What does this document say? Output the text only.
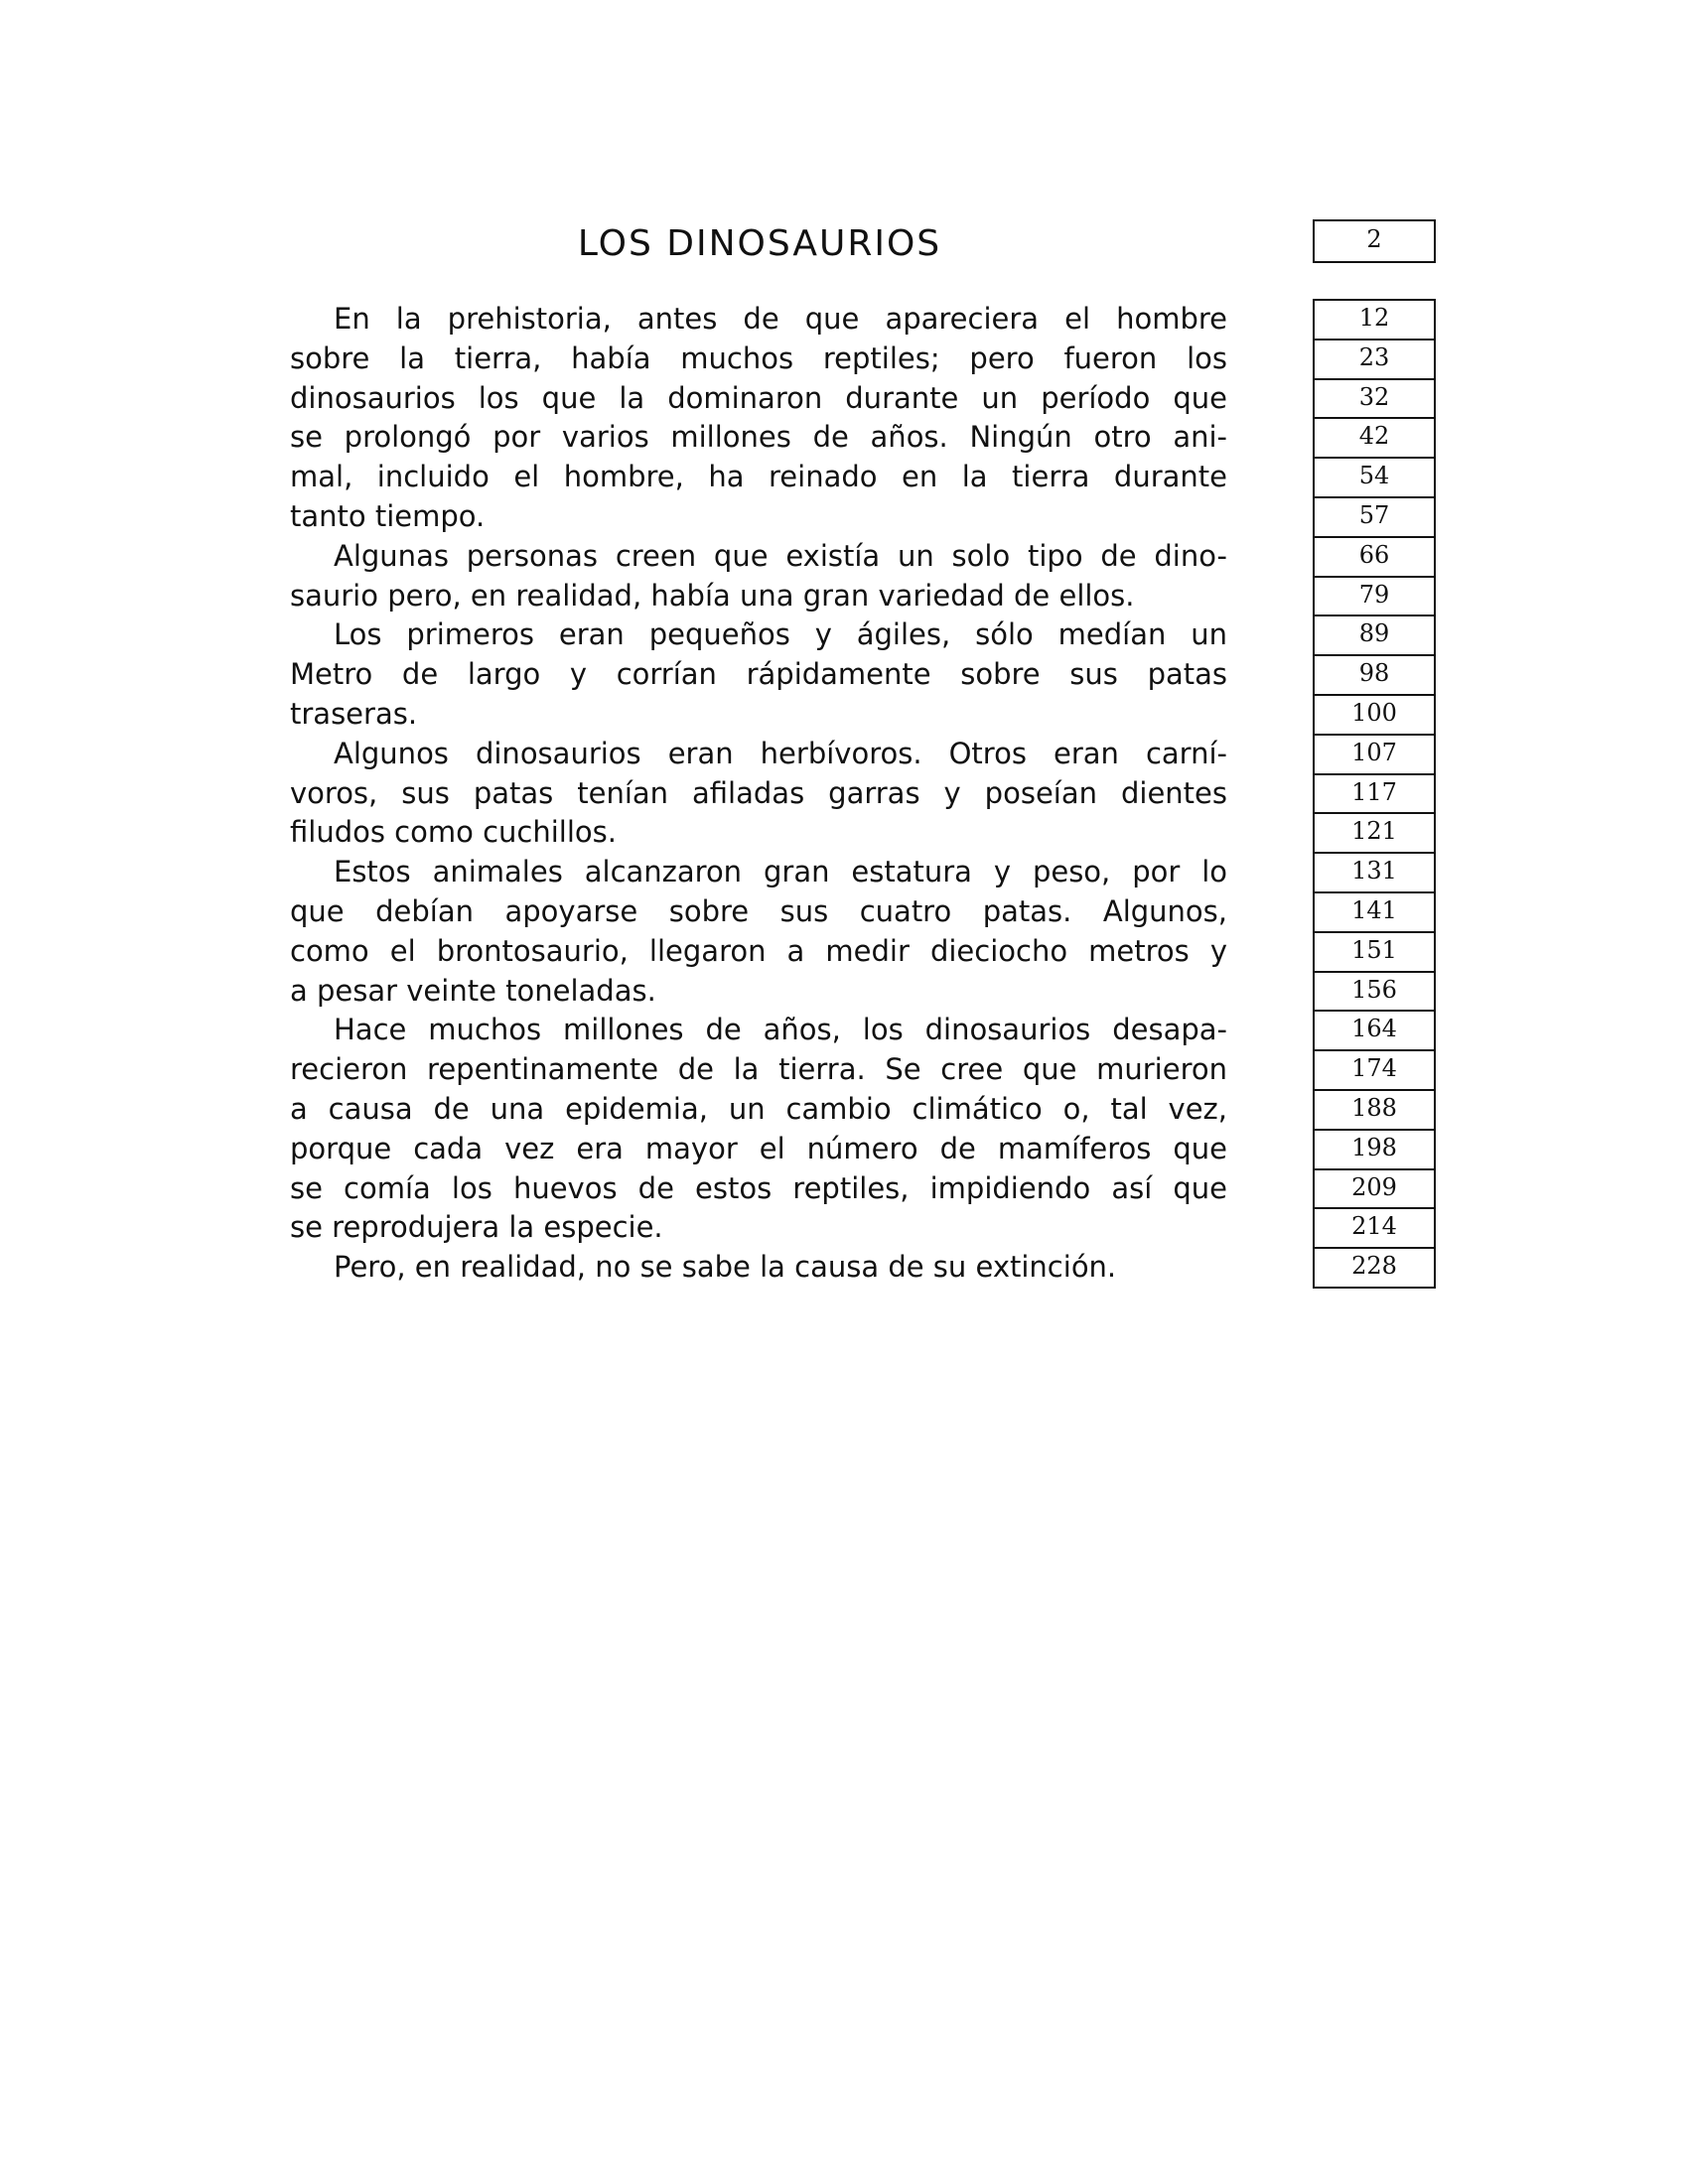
LOS DINOSAURIOS	2
En la prehistoria, antes de que apareciera el hombre
sobre la tierra, había muchos reptiles; pero fueron los
dinosaurios los que la dominaron durante un período que
se prolongó por varios millones de años. Ningún otro ani-
mal, incluido el hombre, ha reinado en la tierra durante
tanto tiempo.
Algunas personas creen que existía un solo tipo de dino-
saurio pero, en realidad, había una gran variedad de ellos.
Los primeros eran pequeños y ágiles, sólo medían un
Metro de largo y corrían rápidamente sobre sus patas
traseras.
Algunos dinosaurios eran herbívoros. Otros eran carní-
voros, sus patas tenían afiladas garras y poseían dientes
filudos como cuchillos.
Estos animales alcanzaron gran estatura y peso, por lo
que debían apoyarse sobre sus cuatro patas. Algunos,
como el brontosaurio, llegaron a medir dieciocho metros y
a pesar veinte toneladas.
Hace muchos millones de años, los dinosaurios desapa-
recieron repentinamente de la tierra. Se cree que murieron
a causa de una epidemia, un cambio climático o, tal vez,
porque cada vez era mayor el número de mamíferos que
se comía los huevos de estos reptiles, impidiendo así que
se reprodujera la especie.
Pero, en realidad, no se sabe la causa de su extinción.
12
23
32
42
54
57
66
79
89
98
100
107
117
121
131
141
151
156
164
174
188
198
209
214
228
